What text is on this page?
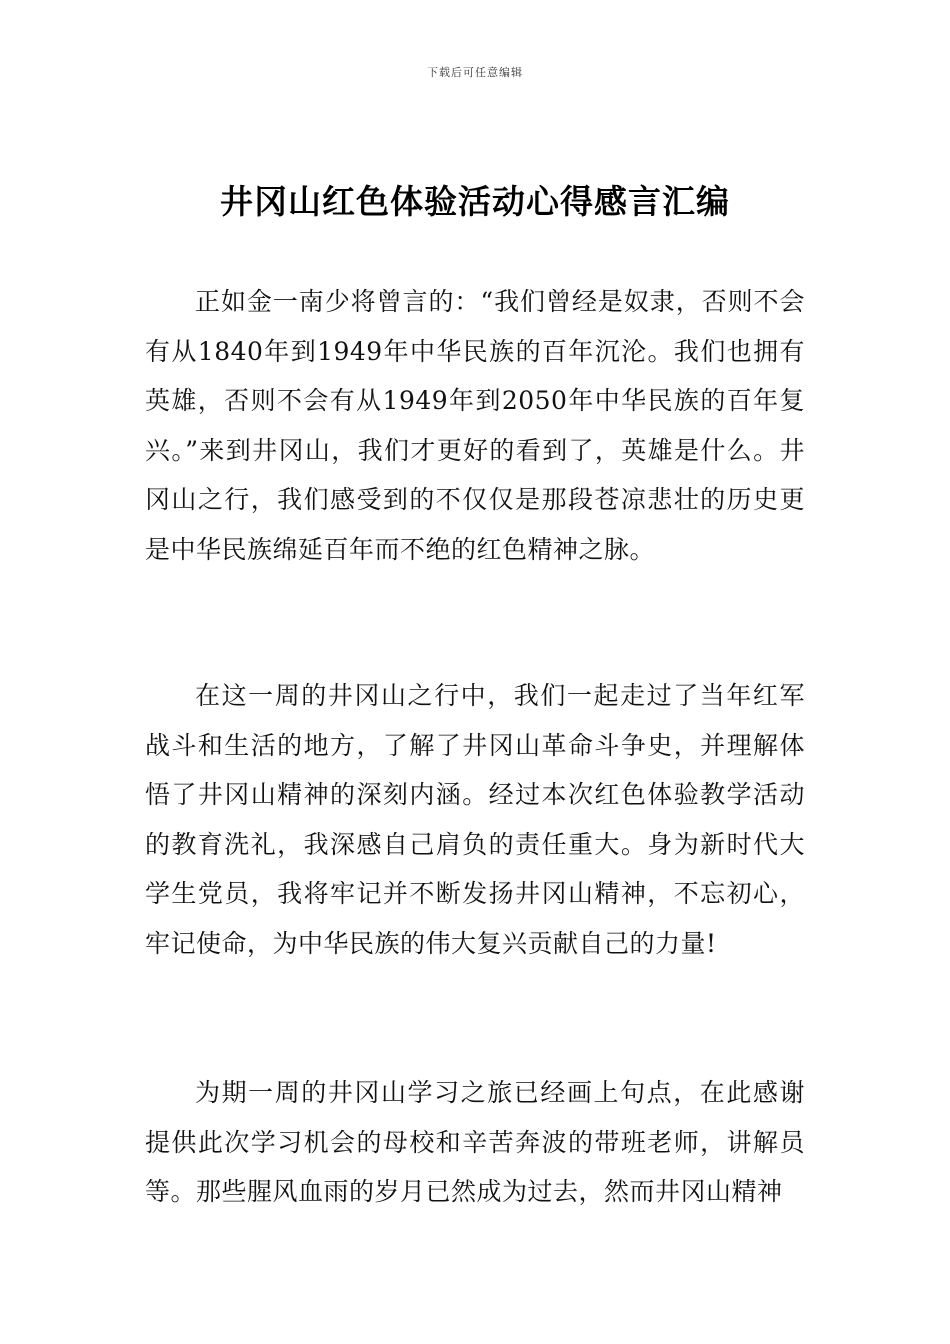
下载后可任意编辑
井冈山红色体验活动心得感言汇编

正如金一南少将曾言的：“我们曾经是奴隶，否则不会有从1840年到1949年中华民族的百年沉沦。我们也拥有英雄，否则不会有从1949年到2050年中华民族的百年复兴。”来到井冈山，我们才更好的看到了，英雄是什么。井冈山之行，我们感受到的不仅仅是那段苍凉悲壮的历史更是中华民族绵延百年而不绝的红色精神之脉。

在这一周的井冈山之行中，我们一起走过了当年红军战斗和生活的地方，了解了井冈山革命斗争史，并理解体悟了井冈山精神的深刻内涵。经过本次红色体验教学活动的教育洗礼，我深感自己肩负的责任重大。身为新时代大学生党员，我将牢记并不断发扬井冈山精神，不忘初心，牢记使命，为中华民族的伟大复兴贡献自己的力量!

为期一周的井冈山学习之旅已经画上句点，在此感谢提供此次学习机会的母校和辛苦奔波的带班老师，讲解员等。那些腥风血雨的岁月已然成为过去，然而井冈山精神
